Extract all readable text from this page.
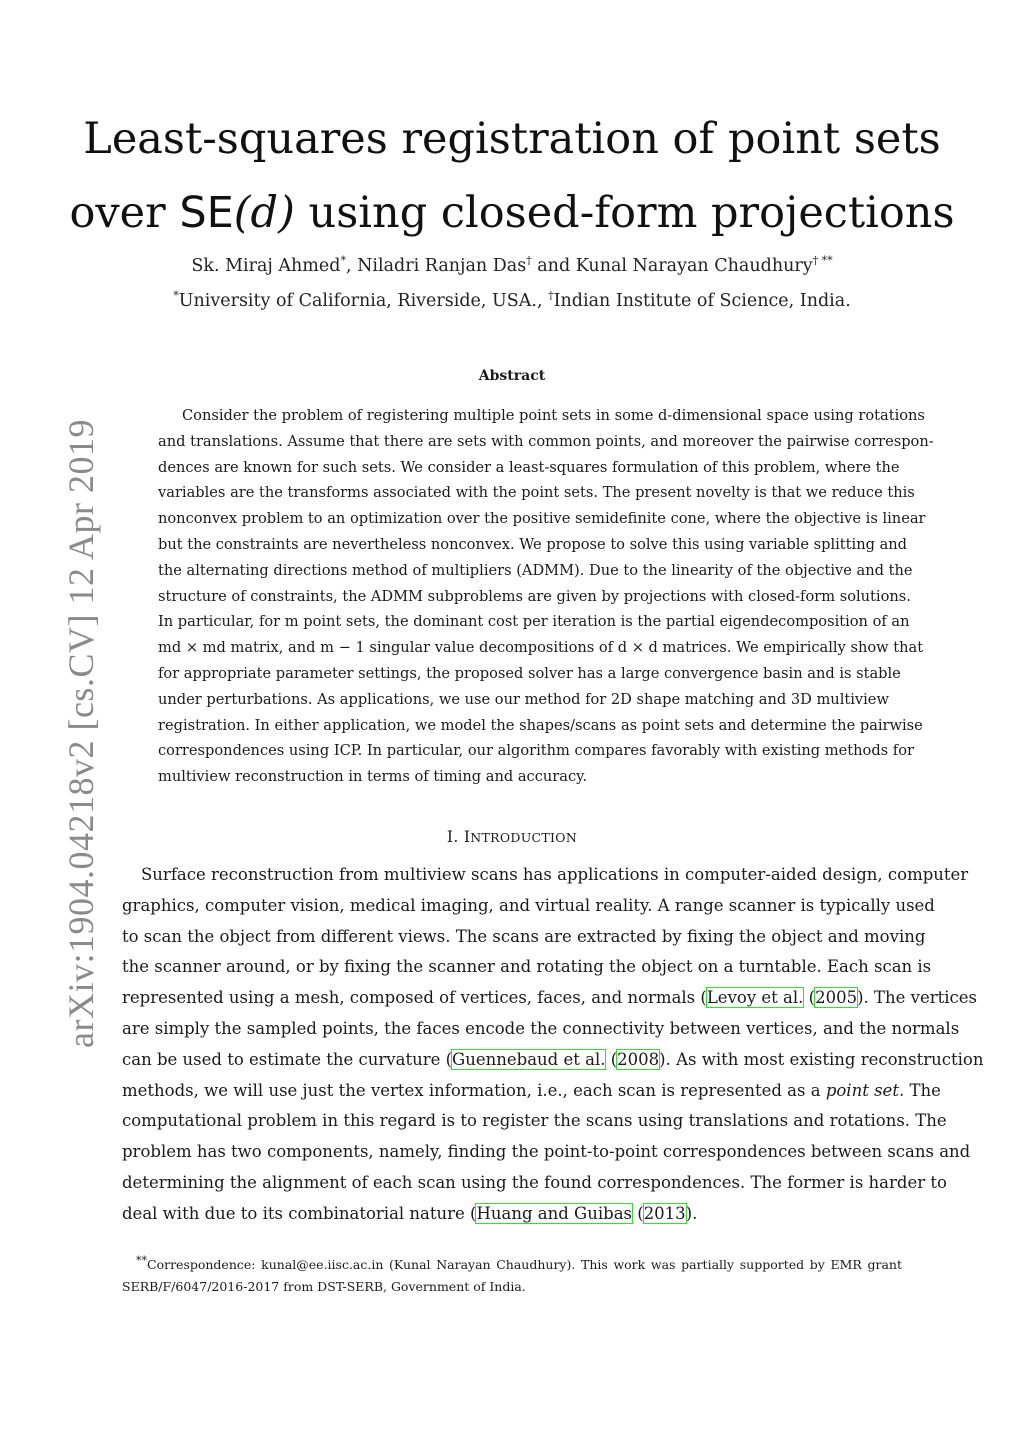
arXiv:1904.04218v2 [cs.CV] 12 Apr 2019
Least-squares registration of point sets
over SE(d) using closed-form projections
Sk. Miraj Ahmed*, Niladri Ranjan Das† and Kunal Narayan Chaudhury† **
*University of California, Riverside, USA., †Indian Institute of Science, India.
Abstract
Consider the problem of registering multiple point sets in some d-dimensional space using rotations
and translations. Assume that there are sets with common points, and moreover the pairwise correspon-
dences are known for such sets. We consider a least-squares formulation of this problem, where the
variables are the transforms associated with the point sets. The present novelty is that we reduce this
nonconvex problem to an optimization over the positive semidefinite cone, where the objective is linear
but the constraints are nevertheless nonconvex. We propose to solve this using variable splitting and
the alternating directions method of multipliers (ADMM). Due to the linearity of the objective and the
structure of constraints, the ADMM subproblems are given by projections with closed-form solutions.
In particular, for m point sets, the dominant cost per iteration is the partial eigendecomposition of an
md × md matrix, and m − 1 singular value decompositions of d × d matrices. We empirically show that
for appropriate parameter settings, the proposed solver has a large convergence basin and is stable
under perturbations. As applications, we use our method for 2D shape matching and 3D multiview
registration. In either application, we model the shapes/scans as point sets and determine the pairwise
correspondences using ICP. In particular, our algorithm compares favorably with existing methods for
multiview reconstruction in terms of timing and accuracy.
I. INTRODUCTION
Surface reconstruction from multiview scans has applications in computer-aided design, computer
graphics, computer vision, medical imaging, and virtual reality. A range scanner is typically used
to scan the object from different views. The scans are extracted by fixing the object and moving
the scanner around, or by fixing the scanner and rotating the object on a turntable. Each scan is
represented using a mesh, composed of vertices, faces, and normals (Levoy et al. (2005). The vertices
are simply the sampled points, the faces encode the connectivity between vertices, and the normals
can be used to estimate the curvature (Guennebaud et al. (2008). As with most existing reconstruction
methods, we will use just the vertex information, i.e., each scan is represented as a point set. The
computational problem in this regard is to register the scans using translations and rotations. The
problem has two components, namely, finding the point-to-point correspondences between scans and
determining the alignment of each scan using the found correspondences. The former is harder to
deal with due to its combinatorial nature (Huang and Guibas (2013).
**Correspondence: kunal@ee.iisc.ac.in (Kunal Narayan Chaudhury). This work was partially supported by EMR grant
SERB/F/6047/2016-2017 from DST-SERB, Government of India.
